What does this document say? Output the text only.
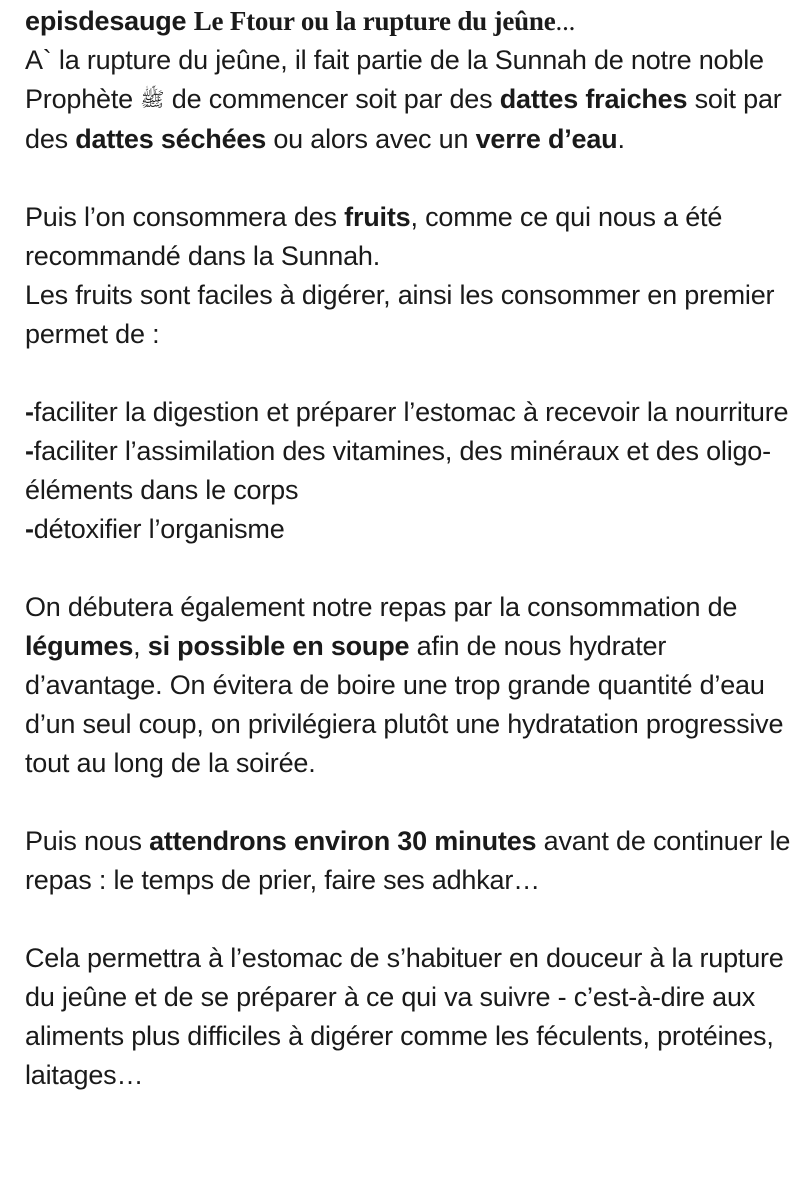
episdesauge Le Ftour ou la rupture du jeûne...

A` la rupture du jeûne, il fait partie de la Sunnah de notre noble Prophète ﷺ de commencer soit par des dattes fraiches soit par des dattes séchées ou alors avec un verre d’eau.

Puis l’on consommera des fruits, comme ce qui nous a été recommandé dans la Sunnah.

Les fruits sont faciles à digérer, ainsi les consommer en premier permet de :

-faciliter la digestion et préparer l’estomac à recevoir la nourriture

-faciliter l’assimilation des vitamines, des minéraux et des oligo-éléments dans le corps

-détoxifier l’organisme

On débutera également notre repas par la consommation de légumes, si possible en soupe afin de nous hydrater d’avantage. On évitera de boire une trop grande quantité d’eau d’un seul coup, on privilégiera plutôt une hydratation progressive tout au long de la soirée.

Puis nous attendrons environ 30 minutes avant de continuer le repas : le temps de prier, faire ses adhkar…

Cela permettra à l’estomac de s’habituer en douceur à la rupture du jeûne et de se préparer à ce qui va suivre - c’est-à-dire aux aliments plus difficiles à digérer comme les féculents, protéines, laitages…
